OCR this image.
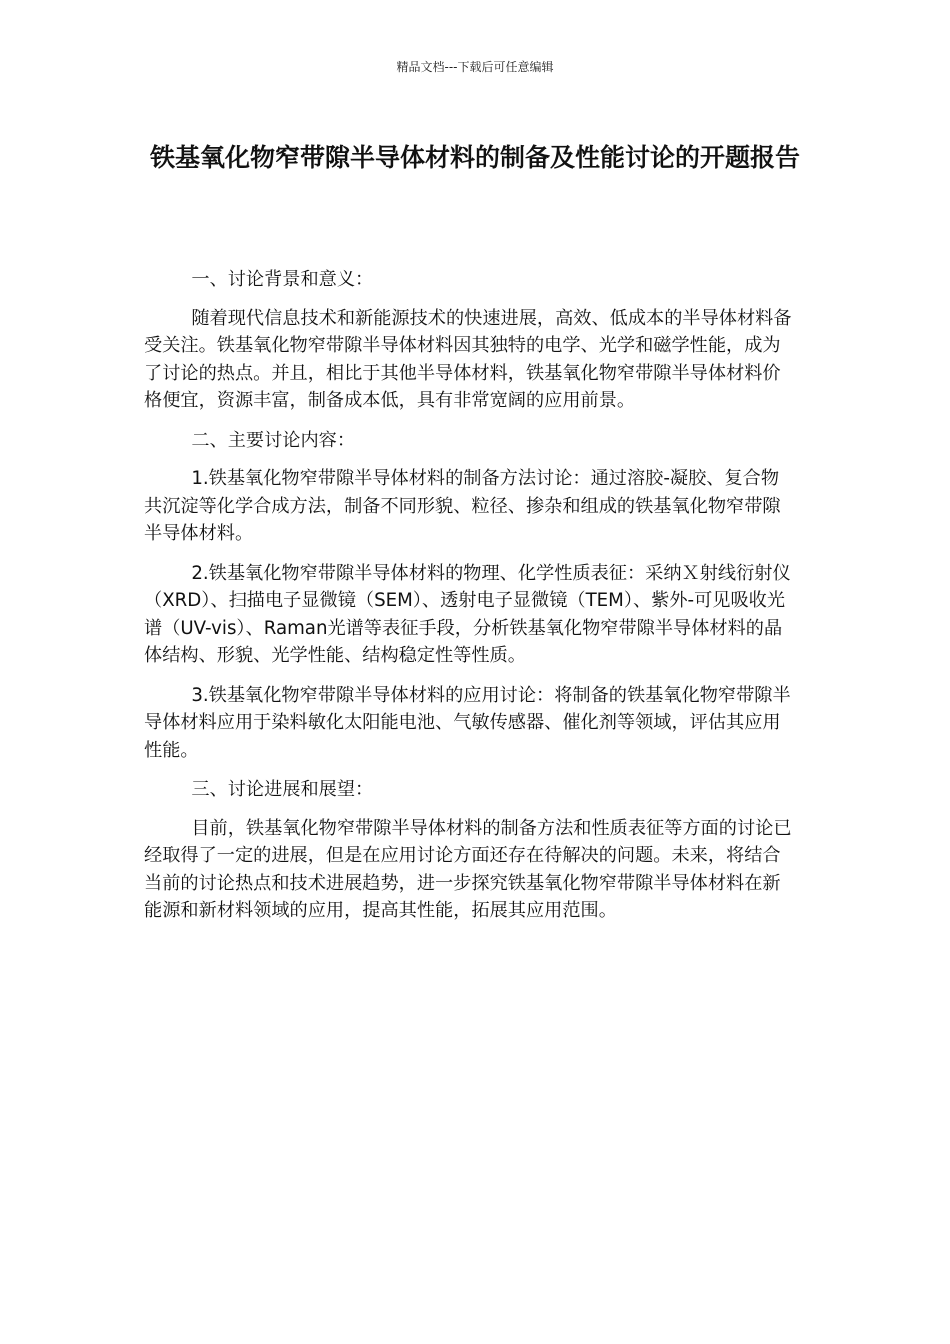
精品文档---下载后可任意编辑
铁基氧化物窄带隙半导体材料的制备及性能讨论的开题报告

一、讨论背景和意义：

随着现代信息技术和新能源技术的快速进展，高效、低成本的半导体材料备受关注。铁基氧化物窄带隙半导体材料因其独特的电学、光学和磁学性能，成为了讨论的热点。并且，相比于其他半导体材料，铁基氧化物窄带隙半导体材料价格便宜，资源丰富，制备成本低，具有非常宽阔的应用前景。

二、主要讨论内容：

1.铁基氧化物窄带隙半导体材料的制备方法讨论：通过溶胶-凝胶、复合物共沉淀等化学合成方法，制备不同形貌、粒径、掺杂和组成的铁基氧化物窄带隙半导体材料。

2.铁基氧化物窄带隙半导体材料的物理、化学性质表征：采纳Ｘ射线衍射仪（XRD）、扫描电子显微镜（SEM）、透射电子显微镜（TEM）、紫外-可见吸收光谱（UV-vis）、Raman光谱等表征手段，分析铁基氧化物窄带隙半导体材料的晶体结构、形貌、光学性能、结构稳定性等性质。

3.铁基氧化物窄带隙半导体材料的应用讨论：将制备的铁基氧化物窄带隙半导体材料应用于染料敏化太阳能电池、气敏传感器、催化剂等领域，评估其应用性能。

三、讨论进展和展望：

目前，铁基氧化物窄带隙半导体材料的制备方法和性质表征等方面的讨论已经取得了一定的进展，但是在应用讨论方面还存在待解决的问题。未来，将结合当前的讨论热点和技术进展趋势，进一步探究铁基氧化物窄带隙半导体材料在新能源和新材料领域的应用，提高其性能，拓展其应用范围。
